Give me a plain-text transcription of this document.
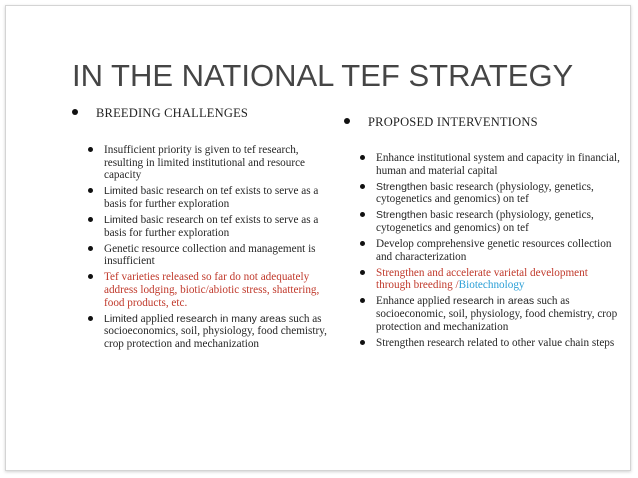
IN THE NATIONAL TEF STRATEGY

BREEDING CHALLENGES

Insufficient priority is given to tef research, resulting in limited institutional and resource capacity
Limited basic research on tef exists to serve as a basis for further exploration
Limited basic research on tef exists to serve as a basis for further exploration
Genetic resource collection and management is insufficient
Tef varieties released so far do not adequately address lodging, biotic/abiotic stress, shattering, food products, etc.
Limited applied research in many areas such as socioeconomics, soil, physiology, food chemistry, crop protection and mechanization

PROPOSED INTERVENTIONS

Enhance institutional system and capacity in financial, human and material capital
Strengthen basic research (physiology, genetics, cytogenetics and genomics) on tef
Strengthen basic research (physiology, genetics, cytogenetics and genomics) on tef
Develop comprehensive genetic resources collection and characterization
Strengthen and accelerate varietal development through breeding /Biotechnology
Enhance applied research in areas such as socioeconomic, soil, physiology, food chemistry, crop protection and mechanization
Strengthen research related to other value chain steps
